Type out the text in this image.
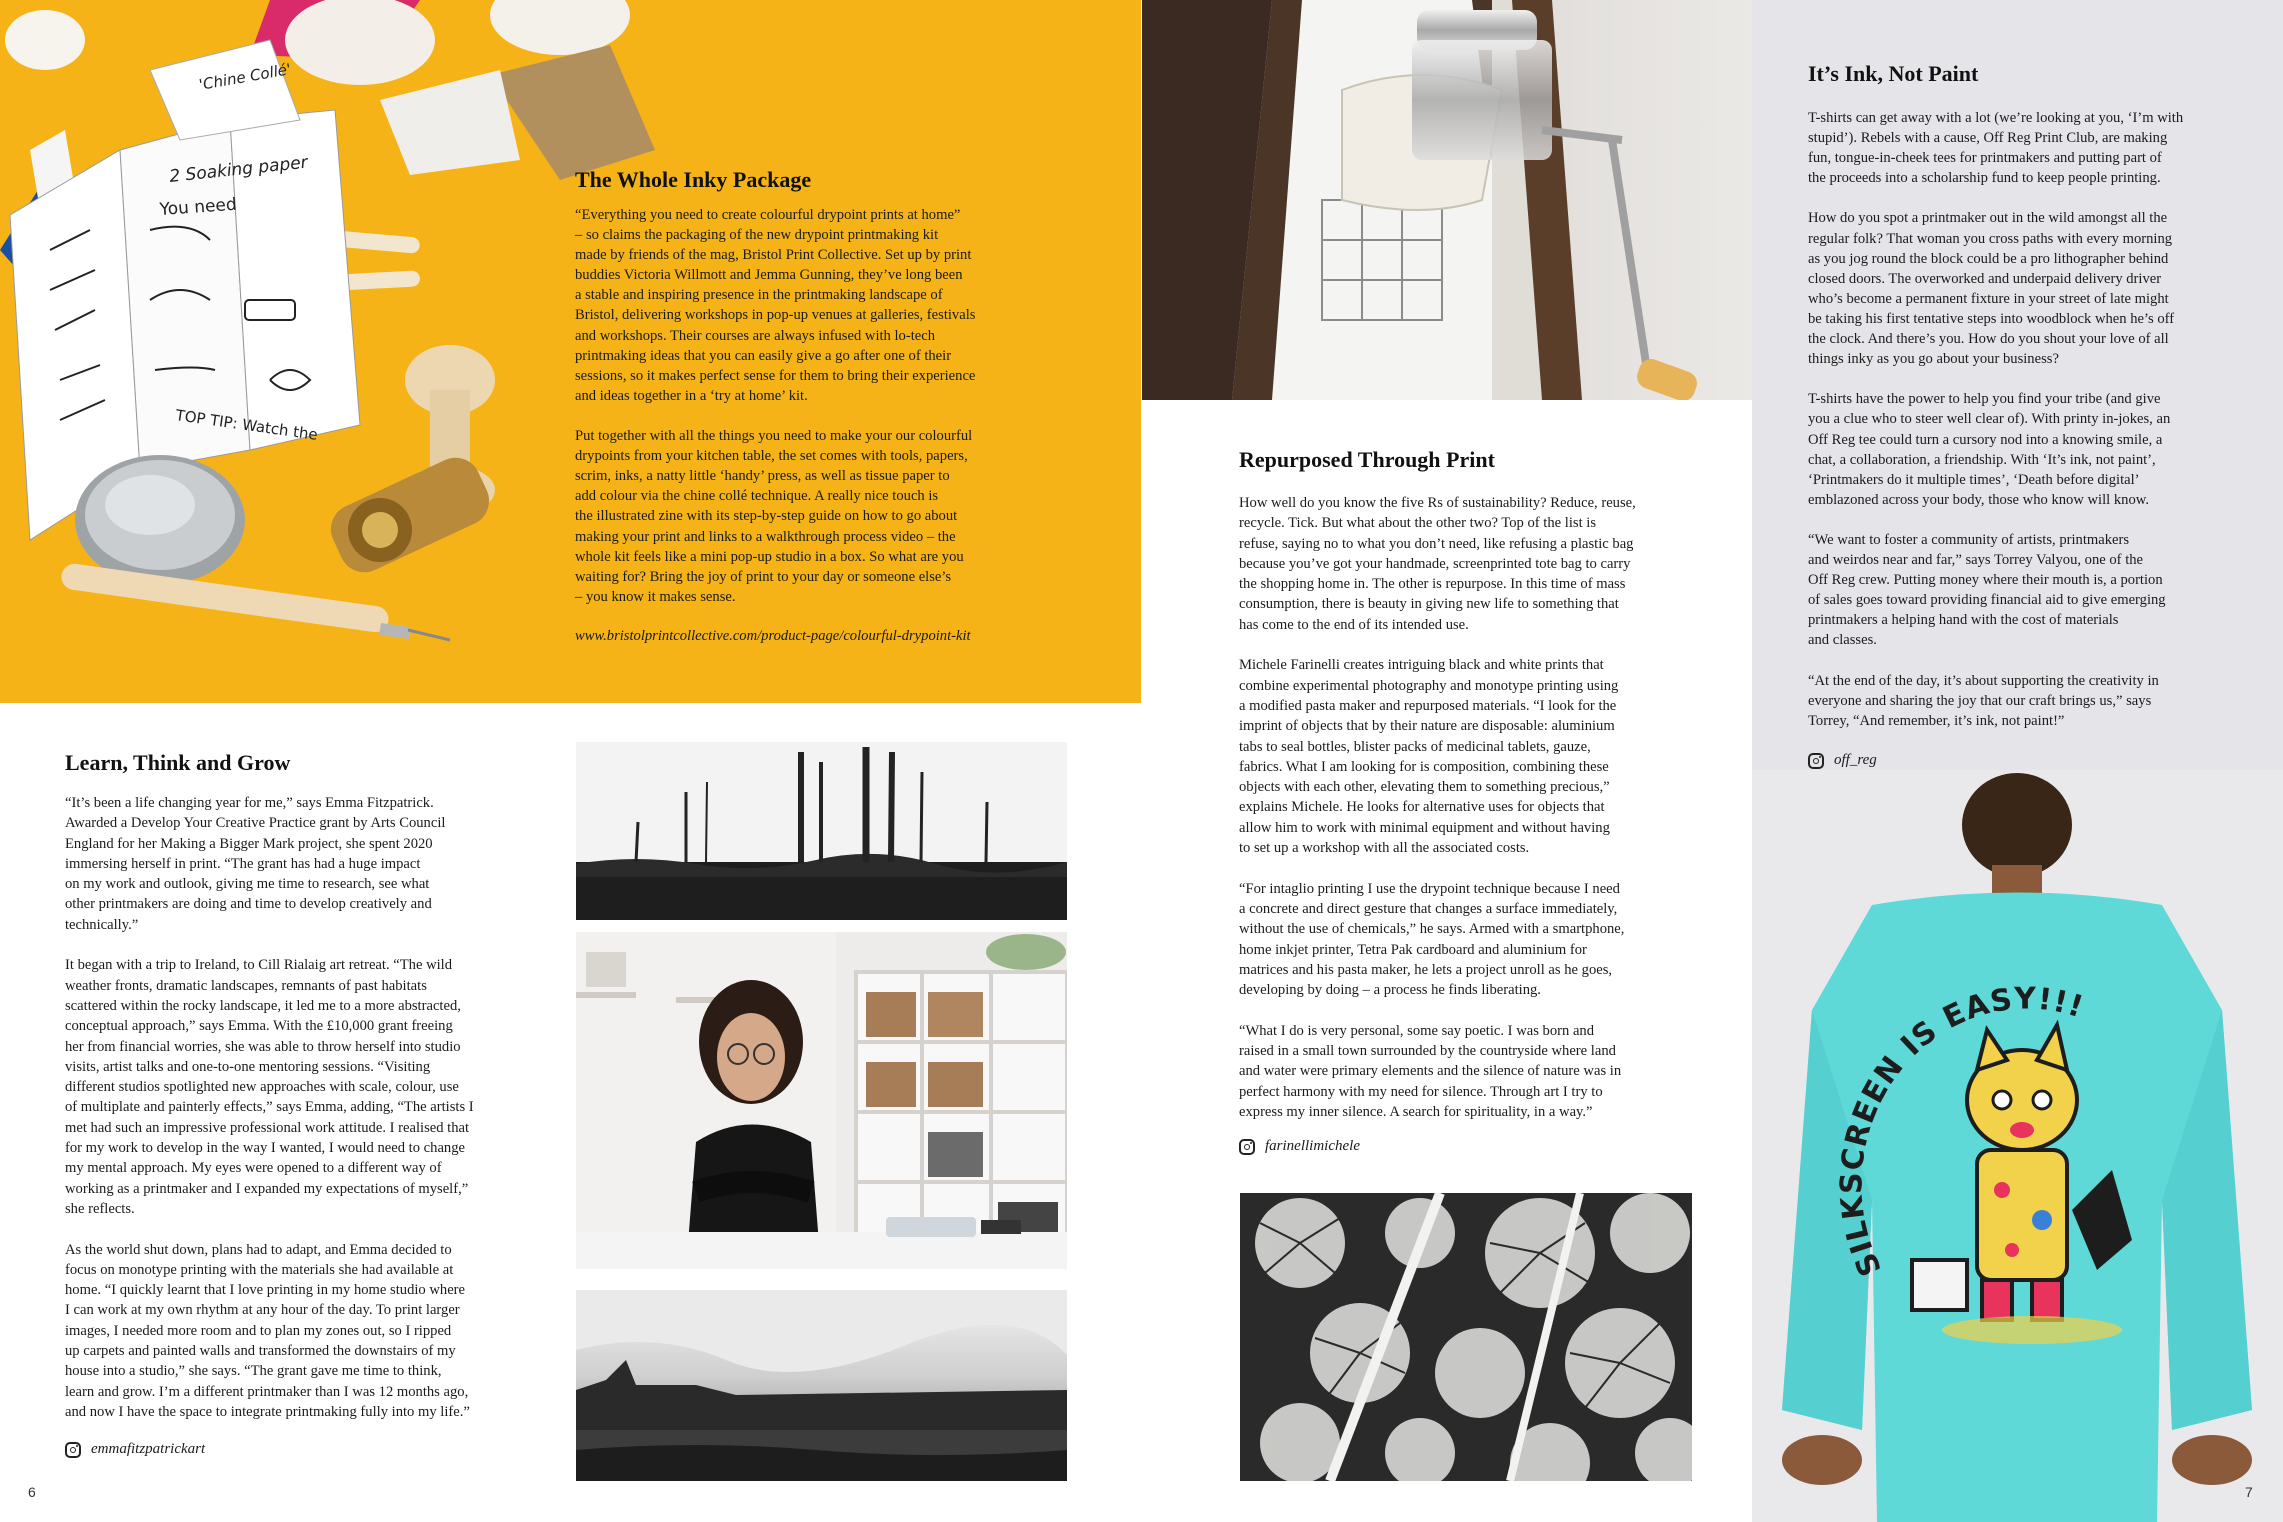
2 Soaking paper
You need
'Chine Collé'
TOP TIP: Watch the
The Whole Inky Package

“Everything you need to create colourful drypoint prints at home”
– so claims the packaging of the new drypoint printmaking kit
made by friends of the mag, Bristol Print Collective. Set up by print
buddies Victoria Willmott and Jemma Gunning, they’ve long been
a stable and inspiring presence in the printmaking landscape of
Bristol, delivering workshops in pop-up venues at galleries, festivals
and workshops. Their courses are always infused with lo-tech
printmaking ideas that you can easily give a go after one of their
sessions, so it makes perfect sense for them to bring their experience
and ideas together in a ‘try at home’ kit.

Put together with all the things you need to make your our colourful
drypoints from your kitchen table, the set comes with tools, papers,
scrim, inks, a natty little ‘handy’ press, as well as tissue paper to
add colour via the chine collé technique. A really nice touch is
the illustrated zine with its step-by-step guide on how to go about
making your print and links to a walkthrough process video – the
whole kit feels like a mini pop-up studio in a box. So what are you
waiting for? Bring the joy of print to your day or someone else’s
– you know it makes sense.

www.bristolprintcollective.com/product-page/colourful-drypoint-kit
It’s Ink, Not Paint

T-shirts can get away with a lot (we’re looking at you, ‘I’m with
stupid’). Rebels with a cause, Off Reg Print Club, are making
fun, tongue-in-cheek tees for printmakers and putting part of
the proceeds into a scholarship fund to keep people printing.

How do you spot a printmaker out in the wild amongst all the
regular folk? That woman you cross paths with every morning
as you jog round the block could be a pro lithographer behind
closed doors. The overworked and underpaid delivery driver
who’s become a permanent fixture in your street of late might
be taking his first tentative steps into woodblock when he’s off
the clock. And there’s you. How do you shout your love of all
things inky as you go about your business?

T-shirts have the power to help you find your tribe (and give
you a clue who to steer well clear of). With printy in-jokes, an
Off Reg tee could turn a cursory nod into a knowing smile, a
chat, a collaboration, a friendship. With ‘It’s ink, not paint’,
‘Printmakers do it multiple times’, ‘Death before digital’
emblazoned across your body, those who know will know.

“We want to foster a community of artists, printmakers
and weirdos near and far,” says Torrey Valyou, one of the
Off Reg crew. Putting money where their mouth is, a portion
of sales goes toward providing financial aid to give emerging
printmakers a helping hand with the cost of materials
and classes.

“At the end of the day, it’s about supporting the creativity in
everyone and sharing the joy that our craft brings us,” says
Torrey, “And remember, it’s ink, not paint!”

off_reg
SILKSCREEN IS EASY!!!
Learn, Think and Grow

“It’s been a life changing year for me,” says Emma Fitzpatrick.
Awarded a Develop Your Creative Practice grant by Arts Council
England for her Making a Bigger Mark project, she spent 2020
immersing herself in print. “The grant has had a huge impact
on my work and outlook, giving me time to research, see what
other printmakers are doing and time to develop creatively and
technically.”

It began with a trip to Ireland, to Cill Rialaig art retreat. “The wild
weather fronts, dramatic landscapes, remnants of past habitats
scattered within the rocky landscape, it led me to a more abstracted,
conceptual approach,” says Emma. With the £10,000 grant freeing
her from financial worries, she was able to throw herself into studio
visits, artist talks and one-to-one mentoring sessions. “Visiting
different studios spotlighted new approaches with scale, colour, use
of multiplate and painterly effects,” says Emma, adding, “The artists I
met had such an impressive professional work attitude. I realised that
for my work to develop in the way I wanted, I would need to change
my mental approach. My eyes were opened to a different way of
working as a printmaker and I expanded my expectations of myself,”
she reflects.

As the world shut down, plans had to adapt, and Emma decided to
focus on monotype printing with the materials she had available at
home. “I quickly learnt that I love printing in my home studio where
I can work at my own rhythm at any hour of the day. To print larger
images, I needed more room and to plan my zones out, so I ripped
up carpets and painted walls and transformed the downstairs of my
house into a studio,” she says. “The grant gave me time to think,
learn and grow. I’m a different printmaker than I was 12 months ago,
and now I have the space to integrate printmaking fully into my life.”

emmafitzpatrickart
Repurposed Through Print

How well do you know the five Rs of sustainability? Reduce, reuse,
recycle. Tick. But what about the other two? Top of the list is
refuse, saying no to what you don’t need, like refusing a plastic bag
because you’ve got your handmade, screenprinted tote bag to carry
the shopping home in. The other is repurpose. In this time of mass
consumption, there is beauty in giving new life to something that
has come to the end of its intended use.

Michele Farinelli creates intriguing black and white prints that
combine experimental photography and monotype printing using
a modified pasta maker and repurposed materials. “I look for the
imprint of objects that by their nature are disposable: aluminium
tabs to seal bottles, blister packs of medicinal tablets, gauze,
fabrics. What I am looking for is composition, combining these
objects with each other, elevating them to something precious,”
explains Michele. He looks for alternative uses for objects that
allow him to work with minimal equipment and without having
to set up a workshop with all the associated costs.

“For intaglio printing I use the drypoint technique because I need
a concrete and direct gesture that changes a surface immediately,
without the use of chemicals,” he says. Armed with a smartphone,
home inkjet printer, Tetra Pak cardboard and aluminium for
matrices and his pasta maker, he lets a project unroll as he goes,
developing by doing – a process he finds liberating.

“What I do is very personal, some say poetic. I was born and
raised in a small town surrounded by the countryside where land
and water were primary elements and the silence of nature was in
perfect harmony with my need for silence. Through art I try to
express my inner silence. A search for spirituality, in a way.”

farinellimichele
6	7
